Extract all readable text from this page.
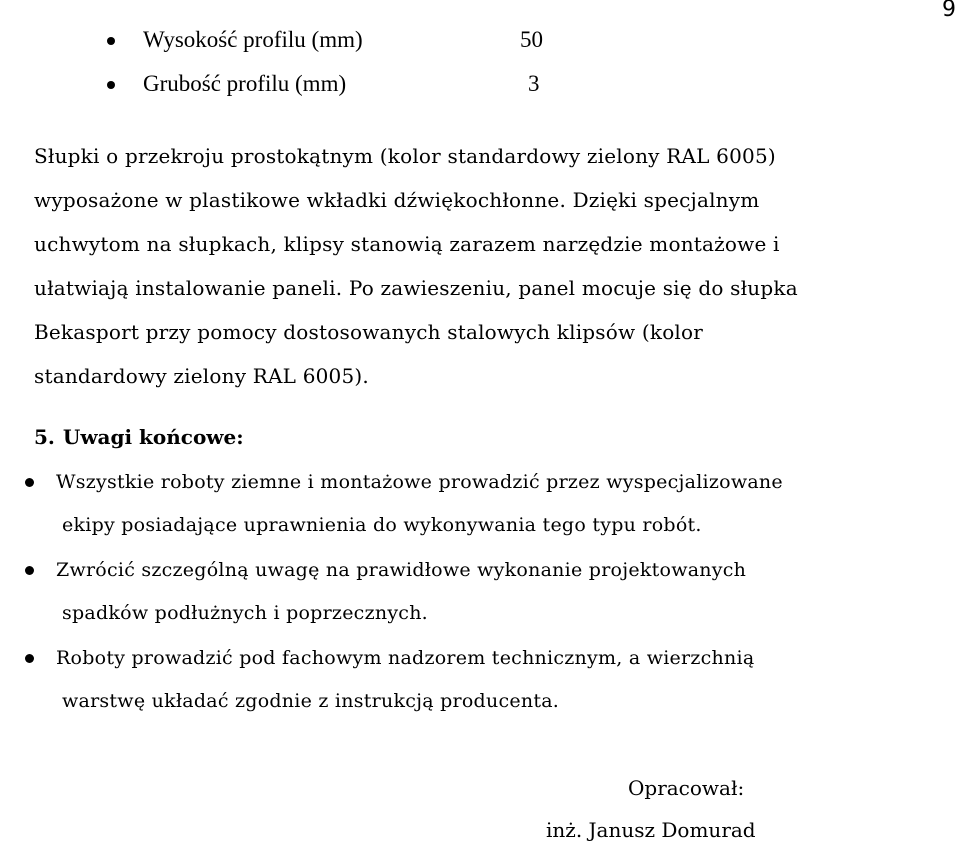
9
Wysokość profilu (mm)	50
Grubość profilu (mm)	3
Słupki o przekroju prostokątnym (kolor standardowy zielony RAL 6005)
wyposażone w plastikowe wkładki dźwiękochłonne. Dzięki specjalnym
uchwytom na słupkach, klipsy stanowią zarazem narzędzie montażowe i
ułatwiają instalowanie paneli. Po zawieszeniu, panel mocuje się do słupka
Bekasport przy pomocy dostosowanych stalowych klipsów (kolor
standardowy zielony RAL 6005).
5. Uwagi końcowe:
Wszystkie roboty ziemne i montażowe prowadzić przez wyspecjalizowane
ekipy posiadające uprawnienia do wykonywania tego typu robót.
Zwrócić szczególną uwagę na prawidłowe wykonanie projektowanych
spadków podłużnych i poprzecznych.
Roboty prowadzić pod fachowym nadzorem technicznym, a wierzchnią
warstwę układać zgodnie z instrukcją producenta.
Opracował:
inż. Janusz Domurad
